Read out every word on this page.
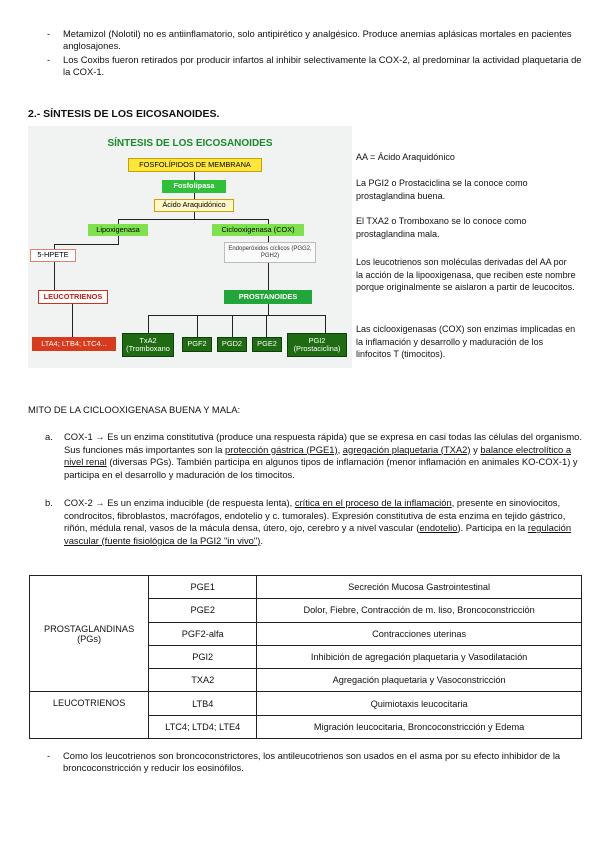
- Metamizol (Nolotil) no es antiinflamatorio, solo antipirético y analgésico. Produce anemias aplásicas mortales en pacientes anglosajones.
- Los Coxibs fueron retirados por producir infartos al inhibir selectivamente la COX-2, al predominar la actividad plaquetaria de la COX-1.
2.- SÍNTESIS DE LOS EICOSANOIDES.
SÍNTESIS DE LOS EICOSANOIDES
FOSFOLÍPIDOS DE MEMBRANA
Fosfolipasa
Ácido Araquidónico
Lipoxigenasa	Ciclooxigenasa (COX)
5-HPETE
Endoperóxidos cíclicos (PGG2, PGH2)
LEUCOTRIENOS	PROSTANOIDES
LTA4; LTB4; LTC4...	TxA2 (Tromboxano
PGF2	PGD2	PGE2	PGI2 (Prostaciclina)
AA = Ácido Araquidónico
La PGI2 o Prostaciclina se la conoce como prostaglandina buena.
El TXA2 o Tromboxano se lo conoce como prostaglandina mala.
Los leucotrienos son moléculas derivadas del AA por la acción de la lipooxigenasa, que reciben este nombre porque originalmente se aislaron a partir de leucocitos.
Las ciclooxigenasas (COX) son enzimas implicadas en la inflamación y desarrollo y maduración de los linfocitos T (timocitos).
MITO DE LA CICLOOXIGENASA BUENA Y MALA:
a. COX-1 → Es un enzima constitutiva (produce una respuesta rápida) que se expresa en casi todas las células del organismo. Sus funciones más importantes son la protección gástrica (PGE1), agregación plaquetaria (TXA2) y balance electrolítico a nivel renal (diversas PGs). También participa en algunos tipos de inflamación (menor inflamación en animales KO-COX-1) y participa en el desarrollo y maduración de los timocitos.
b. COX-2 → Es un enzima inducible (de respuesta lenta), crítica en el proceso de la inflamación, presente en sinoviocitos, condrocitos, fibroblastos, macrófagos, endotelio y c. tumorales). Expresión constitutiva de esta enzima en tejido gástrico, riñón, médula renal, vasos de la mácula densa, útero, ojo, cerebro y a nivel vascular (endotelio). Participa en la regulación vascular (fuente fisiológica de la PGI2 "in vivo").
PROSTAGLANDINAS (PGs)	PGE1	Secreción Mucosa Gastrointestinal
	PGE2	Dolor, Fiebre, Contracción de m. liso, Broncoconstricción
	PGF2-alfa	Contracciones uterinas
	PGI2	Inhibición de agregación plaquetaria y Vasodilatación
	TXA2	Agregación plaquetaria y Vasoconstricción
LEUCOTRIENOS	LTB4	Quimiotaxis leucocitaria
	LTC4; LTD4; LTE4	Migración leucocitaria, Broncoconstricción y Edema
- Como los leucotrienos son broncoconstrictores, los antileucotrienos son usados en el asma por su efecto inhibidor de la broncoconstricción y reducir los eosinófilos.
